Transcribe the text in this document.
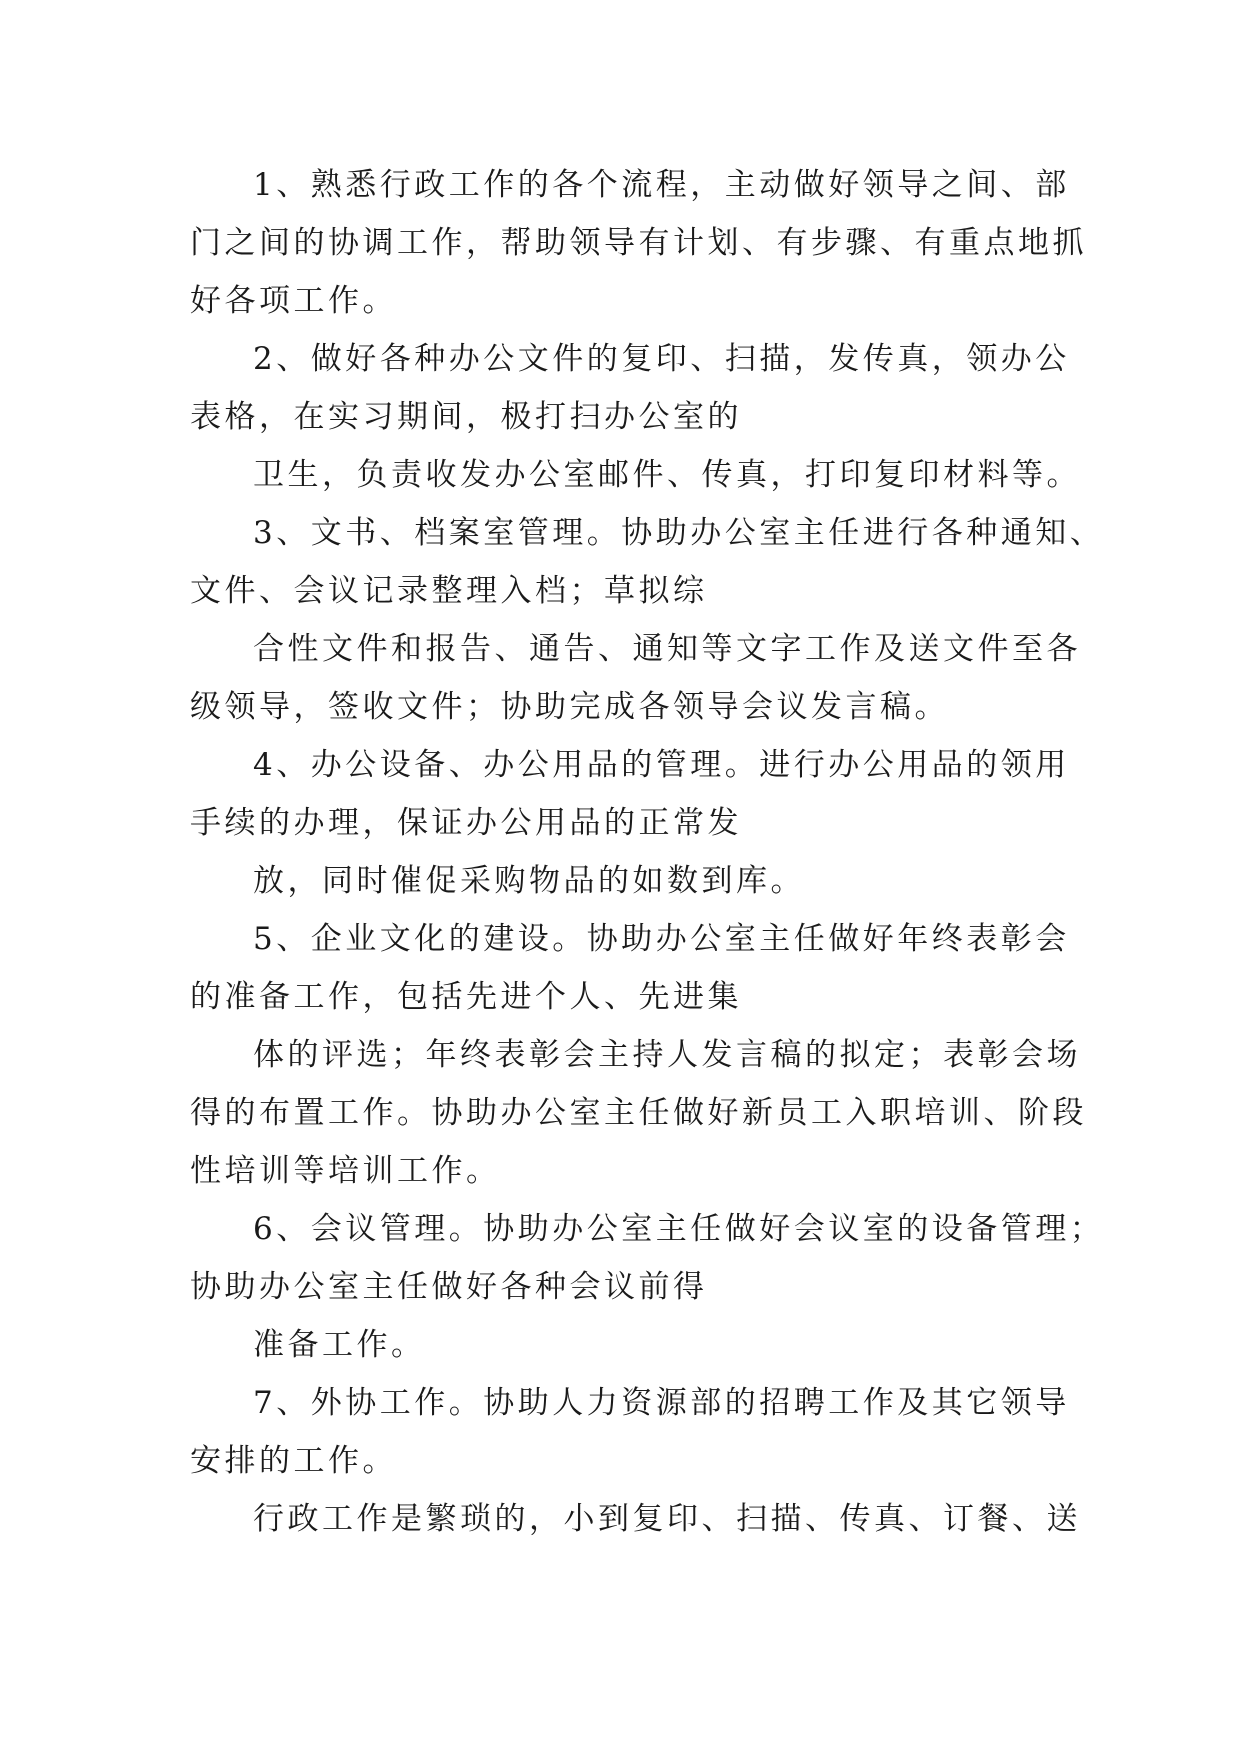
1、熟悉行政工作的各个流程，主动做好领导之间、部
门之间的协调工作，帮助领导有计划、有步骤、有重点地抓
好各项工作。
2、做好各种办公文件的复印、扫描，发传真，领办公
表格，在实习期间，极打扫办公室的
卫生，负责收发办公室邮件、传真，打印复印材料等。
3、文书、档案室管理。协助办公室主任进行各种通知、
文件、会议记录整理入档；草拟综
合性文件和报告、通告、通知等文字工作及送文件至各
级领导，签收文件；协助完成各领导会议发言稿。
4、办公设备、办公用品的管理。进行办公用品的领用
手续的办理，保证办公用品的正常发
放，同时催促采购物品的如数到库。
5、企业文化的建设。协助办公室主任做好年终表彰会
的准备工作，包括先进个人、先进集
体的评选；年终表彰会主持人发言稿的拟定；表彰会场
得的布置工作。协助办公室主任做好新员工入职培训、阶段
性培训等培训工作。
6、会议管理。协助办公室主任做好会议室的设备管理；
协助办公室主任做好各种会议前得
准备工作。
7、外协工作。协助人力资源部的招聘工作及其它领导
安排的工作。
行政工作是繁琐的，小到复印、扫描、传真、订餐、送
